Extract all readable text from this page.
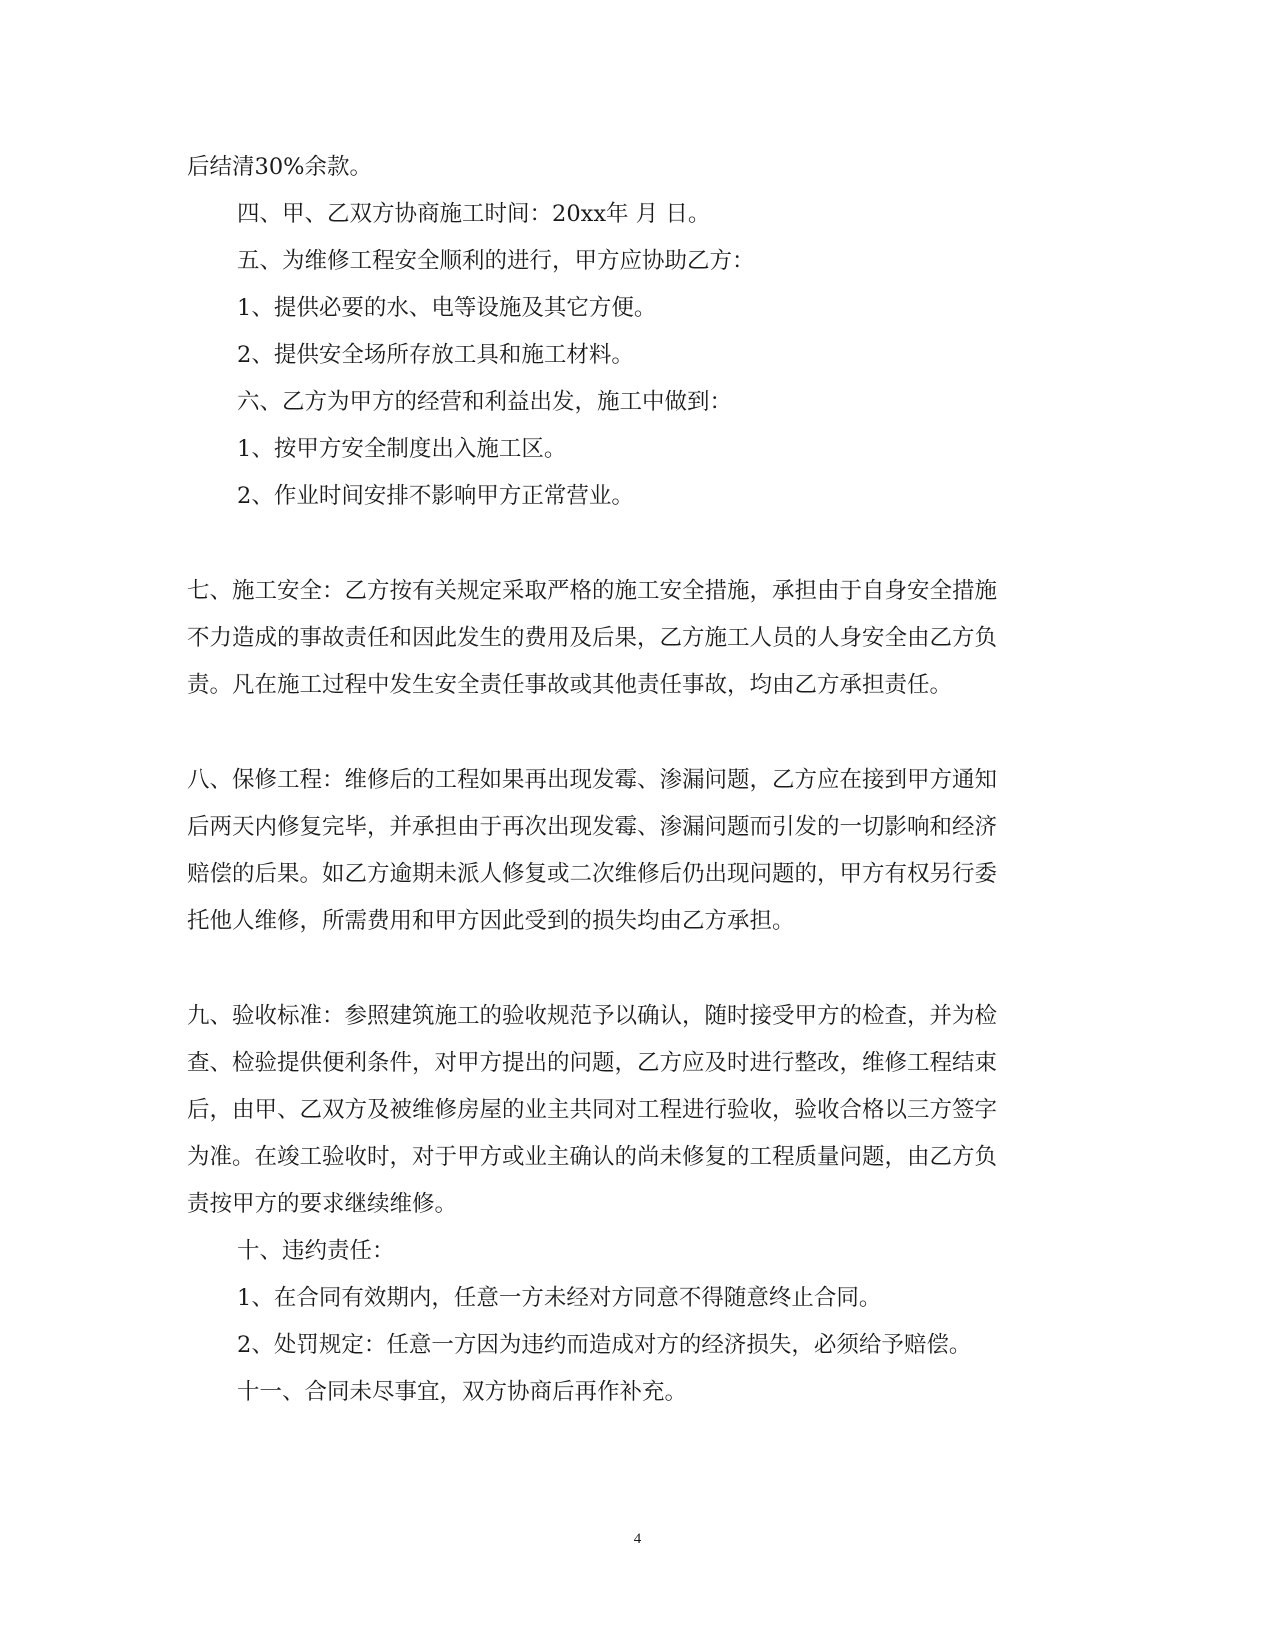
后结清30%余款。
四、甲、乙双方协商施工时间：20xx年 月 日。
五、为维修工程安全顺利的进行，甲方应协助乙方：
1、提供必要的水、电等设施及其它方便。
2、提供安全场所存放工具和施工材料。
六、乙方为甲方的经营和利益出发，施工中做到：
1、按甲方安全制度出入施工区。
2、作业时间安排不影响甲方正常营业。
七、施工安全：乙方按有关规定采取严格的施工安全措施，承担由于自身安全措施
不力造成的事故责任和因此发生的费用及后果，乙方施工人员的人身安全由乙方负
责。凡在施工过程中发生安全责任事故或其他责任事故，均由乙方承担责任。
八、保修工程：维修后的工程如果再出现发霉、渗漏问题，乙方应在接到甲方通知
后两天内修复完毕，并承担由于再次出现发霉、渗漏问题而引发的一切影响和经济
赔偿的后果。如乙方逾期未派人修复或二次维修后仍出现问题的，甲方有权另行委
托他人维修，所需费用和甲方因此受到的损失均由乙方承担。
九、验收标准：参照建筑施工的验收规范予以确认，随时接受甲方的检查，并为检
查、检验提供便利条件，对甲方提出的问题，乙方应及时进行整改，维修工程结束
后，由甲、乙双方及被维修房屋的业主共同对工程进行验收，验收合格以三方签字
为准。在竣工验收时，对于甲方或业主确认的尚未修复的工程质量问题，由乙方负
责按甲方的要求继续维修。
十、违约责任：
1、在合同有效期内，任意一方未经对方同意不得随意终止合同。
2、处罚规定：任意一方因为违约而造成对方的经济损失，必须给予赔偿。
十一、合同未尽事宜，双方协商后再作补充。
4
